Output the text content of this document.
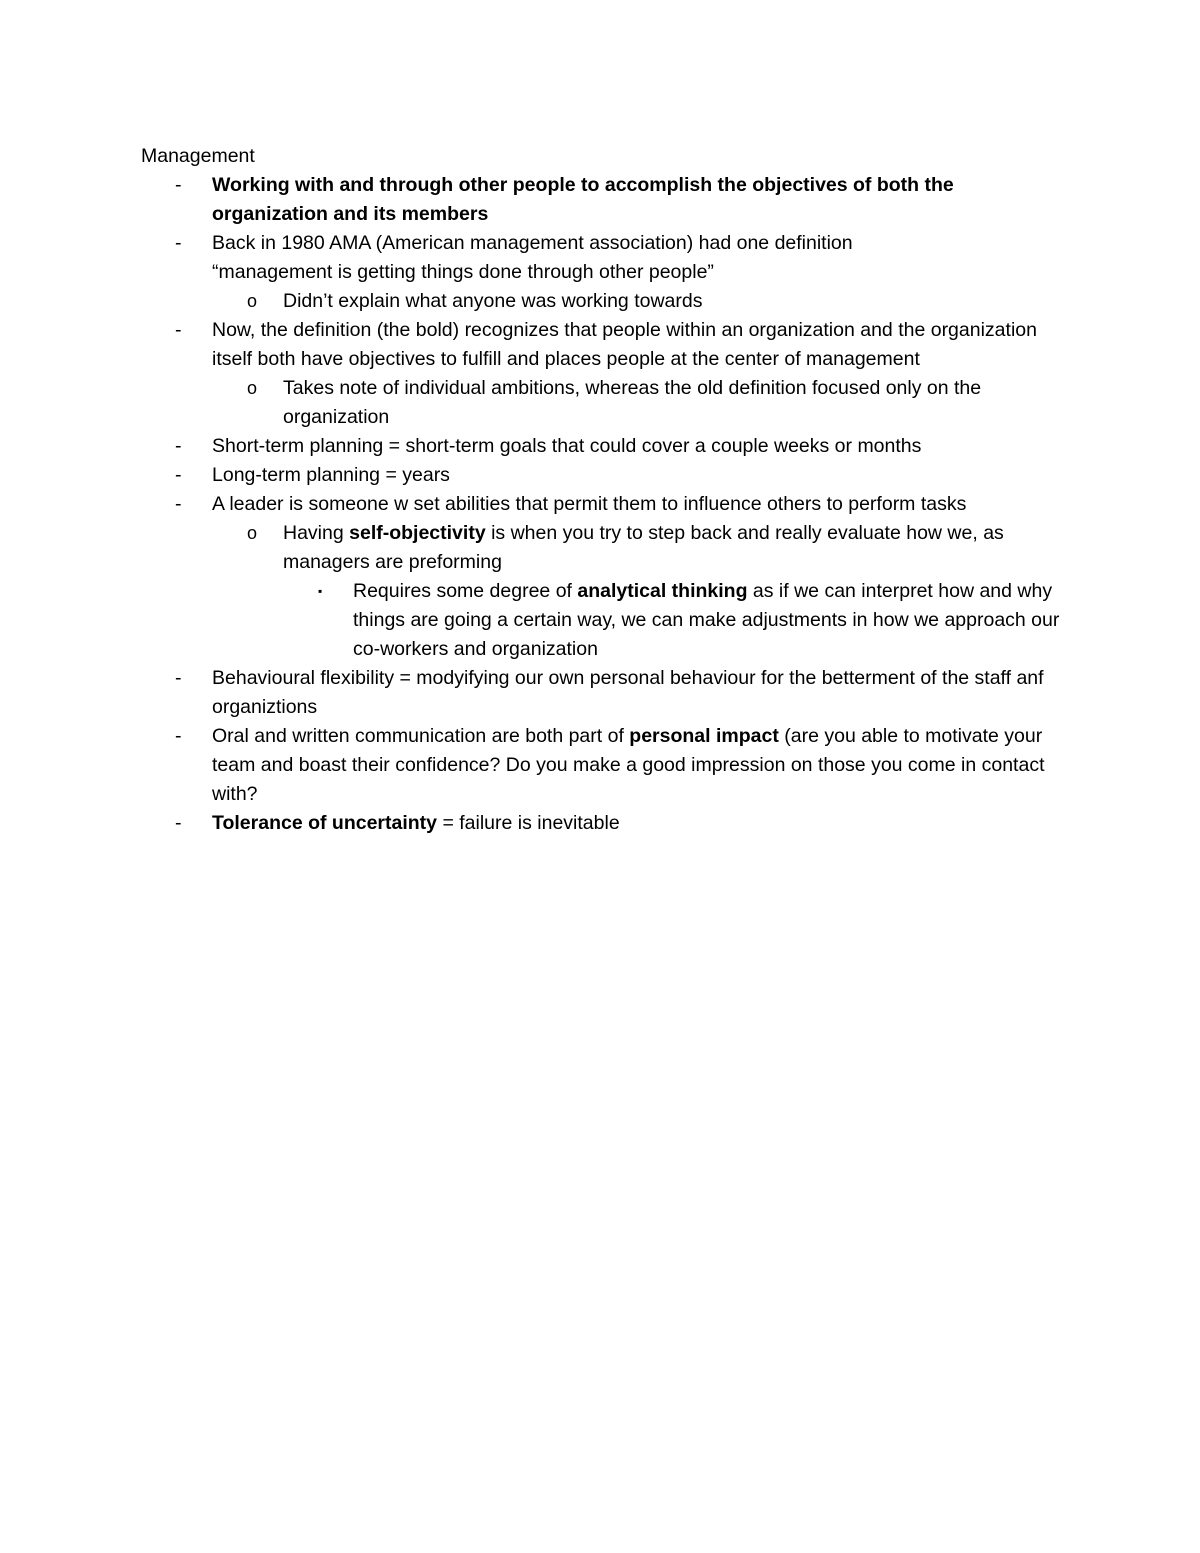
Management
- Working with and through other people to accomplish the objectives of both the organization and its members
- Back in 1980 AMA (American management association) had one definition
“management is getting things done through other people”
o Didn’t explain what anyone was working towards
- Now, the definition (the bold) recognizes that people within an organization and the organization itself both have objectives to fulfill and places people at the center of management
o Takes note of individual ambitions, whereas the old definition focused only on the organization
- Short-term planning = short-term goals that could cover a couple weeks or months
- Long-term planning = years
- A leader is someone w set abilities that permit them to influence others to perform tasks
o Having self-objectivity is when you try to step back and really evaluate how we, as managers are preforming
▪ Requires some degree of analytical thinking as if we can interpret how and why things are going a certain way, we can make adjustments in how we approach our co-workers and organization
- Behavioural flexibility = modyifying our own personal behaviour for the betterment of the staff anf organiztions
- Oral and written communication are both part of personal impact (are you able to motivate your team and boast their confidence? Do you make a good impression on those you come in contact with?
- Tolerance of uncertainty = failure is inevitable
